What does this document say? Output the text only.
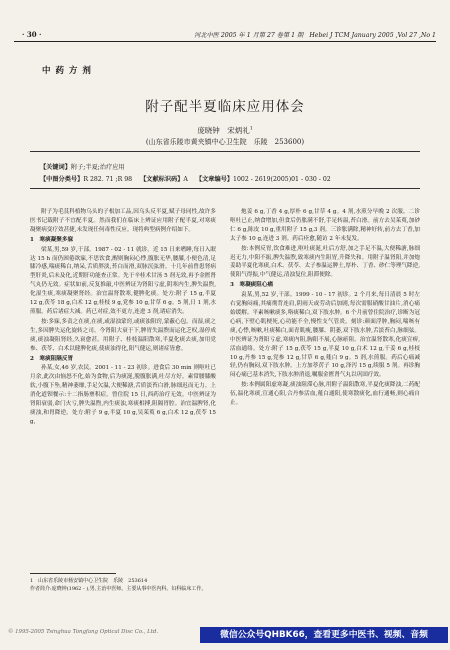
· 30 ·	河北中医 2005 年 1 月第 27 卷第 1 期　Hebei J TCM January 2005 ,Vol 27 ,No 1
中 药 方 剂
附子配半夏临床应用体会
庞晓钟　宋炳礼$^1$
(山东省乐陵市黄夹镇中心卫生院　乐陵　253600)
【关键词】附子;半夏;治疗应用
【中图分类号】R 282. 71 ;R 98 【文献标识码】A 【文章编号】1002 - 2619(2005)01 - 030 - 02

附子为毛茛科植物乌头的子根加工品,因乌头反半夏,赋子母同性,故许多医书记载附子不宜配半夏。然而我们在临床上辨证应用附子配半夏,对寒痰凝聚病变疗效甚捷,未发现任何毒性反应。现将典型病例介绍如下。

1　寒痰凝聚多寐

梁某,男,59 岁,干部。1987 - 02 - 11 就诊。近 15 日来嗜睡,每日入眠达 15 h 而仍困倦欲寐,不思饮食,醒则胸闷心悸,腹胀无华,腰膝,小便色清,足膝冷感,喘痰稀白,纳呆,舌质胖淡,苔白而滑,双脉沉弦滑。十几年前曾患肾病型肝炎,后未及化,近期肝功能查正常。先于辛桂术甘汤 5 剂无效,再予金匮肾气丸仍无效。症状如前,反复推敲,中医辨证为肾阳亏虚,阴寒内生,脾失温煦,化湿生痰,寒痰凝聚肾经。治宜温肾散寒,健脾化痰。处方:附子 15 g,半夏 12 g,茯苓 18 g,白术 12 g,桂枝 9 g,党参 10 g,甘草 6 g。5 剂,日 1 剂,水煎服。药后诸症大减。药已对症,效不更方,连进 3 剂,诸症消失。

按:多寐,多责之在痰,在痰,或湿浊蒙窍,或痰浊阻窍,蒙蔽心包。而湿,痰之生,多因脾失运化旋转之司。今肾阳大衰于下,脾胃失温煦而运化乏权,湿停成痰,痰浊凝阻肾经,久衰愈甚。用附子、桂枝温阳散寒,半夏化痰去痰,加用党参、茯苓、白术以健脾化痰,使痰浊得化,阳气健运,则诸症皆愈。

2　寒痰阻隔反胃

孙某,女,46 岁,农民。2001 - 11 - 23 初诊。进食后 30 min 则呕吐已月余,此次由恼怒不化,始为食物,后为痰涎,脱腹胀满,吐尽方好。素常腰膝酸软,小腹下坠,精神萎靡,手足欠温,大便稀溏,舌质淡苔白滑,脉细迟而无力。上消化道钡餐示:十二指肠壅积症。曾住院 15 日,西药治疗无效。中医辨证为肾阳衰弱,命门火亏,脾失温煦,内生痰浊,寒痰相搏,阻隔胃腔。治宜温脾肾,化痰浊,和胃降逆。处方:附子 9 g,半夏 10 g,吴茱萸 6 g,白术 12 g,茯苓 15 g,

炮姜 6 g,丁香 4 g,厚朴 6 g,甘草 4 g。4 剂,水煎分早晚 2 次服。二诊呕吐已止,纳食增加,但食后仍胀满不舒,手足转温,苔白滑。前方去吴茱萸,加砂仁 6 g,陈皮 10 g,重用附子 15 g,3 剂。三诊胀满除,精神好转,前方去丁香,加太子参 10 g,连进 3 剂。药后痊愈,随访 2 年未复发。

按:本例反胃,饮食难进,呕吐痰涎,吐后方舒,加之手足不温,大便稀溏,脉细迟无力,中阳不振,脾失温煦,致寒痰内生阻胃,升降失和。用附子温肾阳,并加炮姜助半夏化寒痰,白术、茯苓、太子参温运脾土,厚朴、丁香、砂仁等理气降逆,使阳气得振,中气健运,清浊复位,阻滞便除。

3　寒凝痰阻心痛

袁某,男,52 岁,干部。1999 - 10 - 17 初诊。2 个月来,每日清晨 5 时左右觉胸闷痛,其痛彻背连肩,阴雨天或劳动后加剧,每次需服硝酸甘油片,消心痛始缓解。平素咳嗽痰多,咯痰稀白,双下肢水肿。6 个月前曾住院治疗,诊断为冠心病,下壁心肌梗死,心功能不全,慢性支气管炎。刻诊:颜面浮肿,胸闷,喘咳有痰,心悸,咳嗽,吐痰稀白,面青肌瘦,腰膝、阴萎,双下肢水肿,舌淡苔白,脉细弦。中医辨证为肾阳亏虚,寒痰内阻,胸阳不展,心脉瘀阻。治宜温肾散寒,化痰宣痹,活血通络。处方:附子 15 g,茯苓 15 g,半夏 10 g,白术 12 g,干姜 6 g,桂枝 10 g,丹参 15 g,党参 12 g,甘草 6 g,薤白 9 g。5 剂,水煎服。药后心痛减轻,仍有胸闷,双下肢水肿。上方加葶苈子 10 g,泽泻 15 g,续服 5 剂。再诊胸闷心痛已基本消失,下肢水肿消退,嘱服金匮肾气丸以巩固疗效。

按:本例属阳虚寒凝,痰浊阻滞心脉,用附子温阳散寒,半夏化痰降浊,二药配伍,温化寒痰,宣通心阳,合丹参活血,薤白通阳,使寒散痰化,血行通畅,则心痛自止。

1　山东省乐陵市杨安镇中心卫生院　乐陵　253614
作者简介:庞晓钟(1962 - ),男,主治中医师。主要从事中医内科、妇科临床工作。
© 1995-2005 Tsinghua Tongfang Optical Disc Co., Ltd.	微信公众号QHBK66，查看更多中医书、视频、音频
